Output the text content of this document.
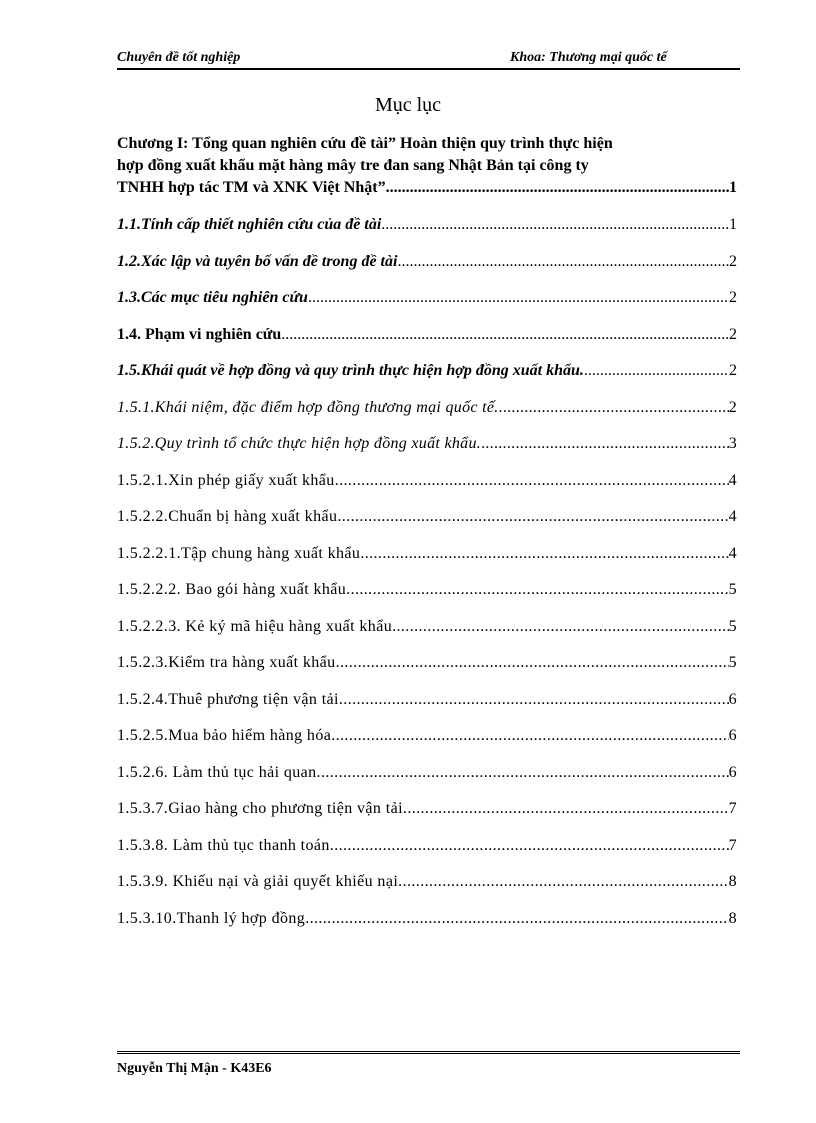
Chuyên đề tốt nghiệp	Khoa: Thương mại quốc tế
Mục lục
Chương I: Tổng quan nghiên cứu đề tài” Hoàn thiện quy trình thực hiện
hợp đồng xuất khẩu mặt hàng mây tre đan sang Nhật Bản tại công ty
TNHH hợp tác TM và XNK Việt Nhật” .....	1
1.1.Tính cấp thiết nghiên cứu của đề tài .....	1
1.2.Xác lập và tuyên bố vấn đề trong đề tài .....	2
1.3.Các mục tiêu nghiên cứu .....	2
1.4. Phạm vi nghiên cứu .....	2
1.5.Khái quát về hợp đồng và quy trình thực hiện hợp đồng xuất khẩu. .....	2
1.5.1.Khái niệm, đặc điểm hợp đồng thương mại quốc tế. .....	2
1.5.2.Quy trình tổ chức thực hiện hợp đồng xuất khẩu. .....	3
1.5.2.1.Xin phép giấy xuất khẩu. .....	4
1.5.2.2.Chuẩn bị hàng xuất khẩu. .....	4
1.5.2.2.1.Tập chung hàng xuất khẩu. .....	4
1.5.2.2.2. Bao gói hàng xuất khẩu. .....	5
1.5.2.2.3. Kẻ ký mã hiệu hàng xuất khẩu. .....	5
1.5.2.3.Kiểm tra hàng xuất khẩu. .....	5
1.5.2.4.Thuê phương tiện vận tải. .....	6
1.5.2.5.Mua bảo hiểm hàng hóa. .....	6
1.5.2.6. Làm thủ tục hải quan. .....	6
1.5.3.7.Giao hàng cho phương tiện vận tải. .....	7
1.5.3.8. Làm thủ tục thanh toán. .....	7
1.5.3.9. Khiếu nại và giải quyết khiếu nại. .....	8
1.5.3.10.Thanh lý hợp đồng .....	8
Nguyễn Thị Mận - K43E6
